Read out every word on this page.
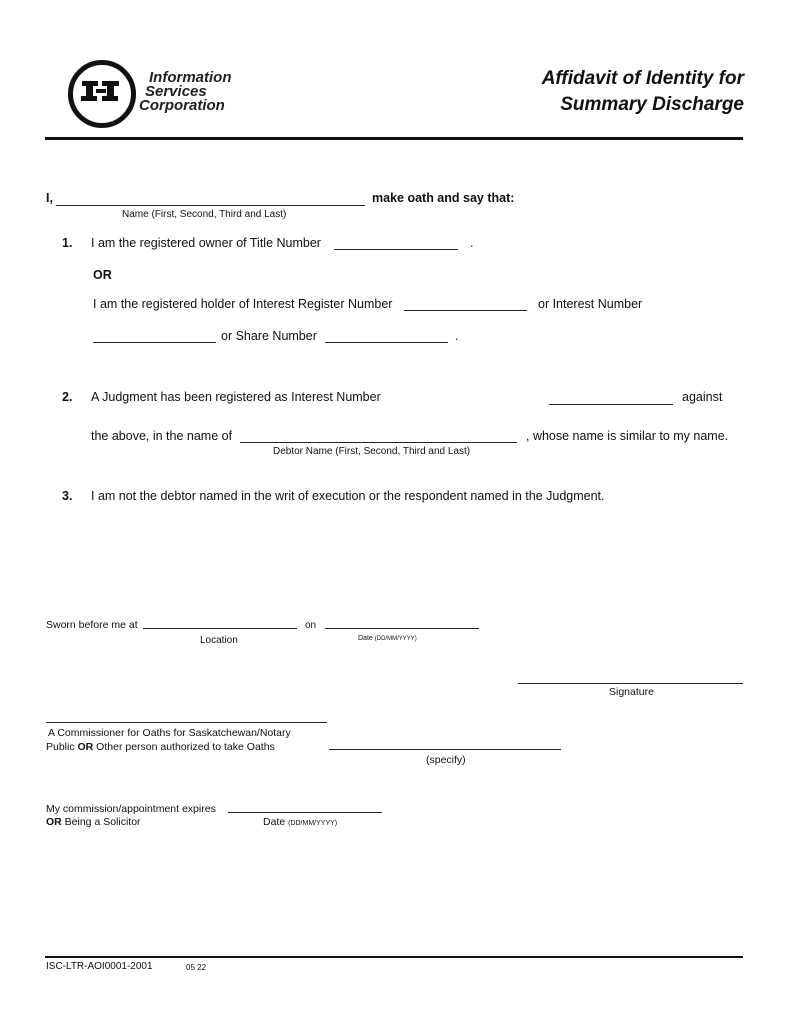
Information
Services
Corporation
Affidavit of Identity for
Summary Discharge
I,	make oath and say that:
Name (First, Second, Third and Last)
1. I am the registered owner of Title Number	.
OR
I am the registered holder of Interest Register Number	or Interest Number
or Share Number	.
2. A Judgment has been registered as Interest Number	against
the above, in the name of	, whose name is similar to my name.
Debtor Name (First, Second, Third and Last)
3. I am not the debtor named in the writ of execution or the respondent named in the Judgment.
Sworn before me at	on
Location	Date (DD/MM/YYYY)
Signature
A Commissioner for Oaths for Saskatchewan/Notary
Public OR Other person authorized to take Oaths
(specify)
My commission/appointment expires
OR Being a Solicitor	Date (DD/MM/YYYY)
ISC-LTR-AOI0001-2001	05 22
